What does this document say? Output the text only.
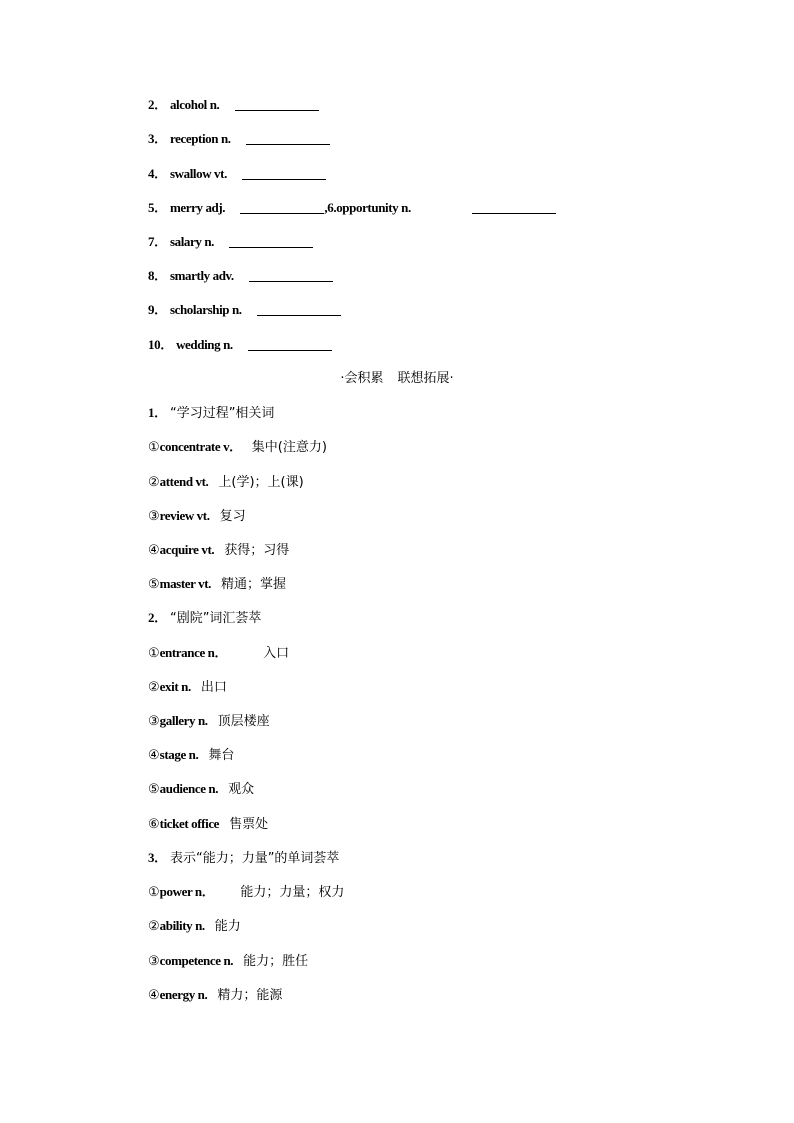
2． alcohol n.
3． reception n.
4． swallow vt.
5． merry adj.	,6.opportunity n.
7． salary n.
8． smartly adv.
9． scholarship n.
10． wedding n.
·会积累 联想拓展·
1． “学习过程”相关词
①concentrate v． 集中(注意力)
②attend vt. 上(学)；上(课)
③review vt. 复习
④acquire vt. 获得；习得
⑤master vt. 精通；掌握
2． “剧院”词汇荟萃
①entrance n．	入口
②exit n. 出口
③gallery n. 顶层楼座
④stage n. 舞台
⑤audience n. 观众
⑥ticket office 售票处
3． 表示“能力；力量”的单词荟萃
①power n． 能力；力量；权力
②ability n. 能力
③competence n. 能力；胜任
④energy n. 精力；能源
